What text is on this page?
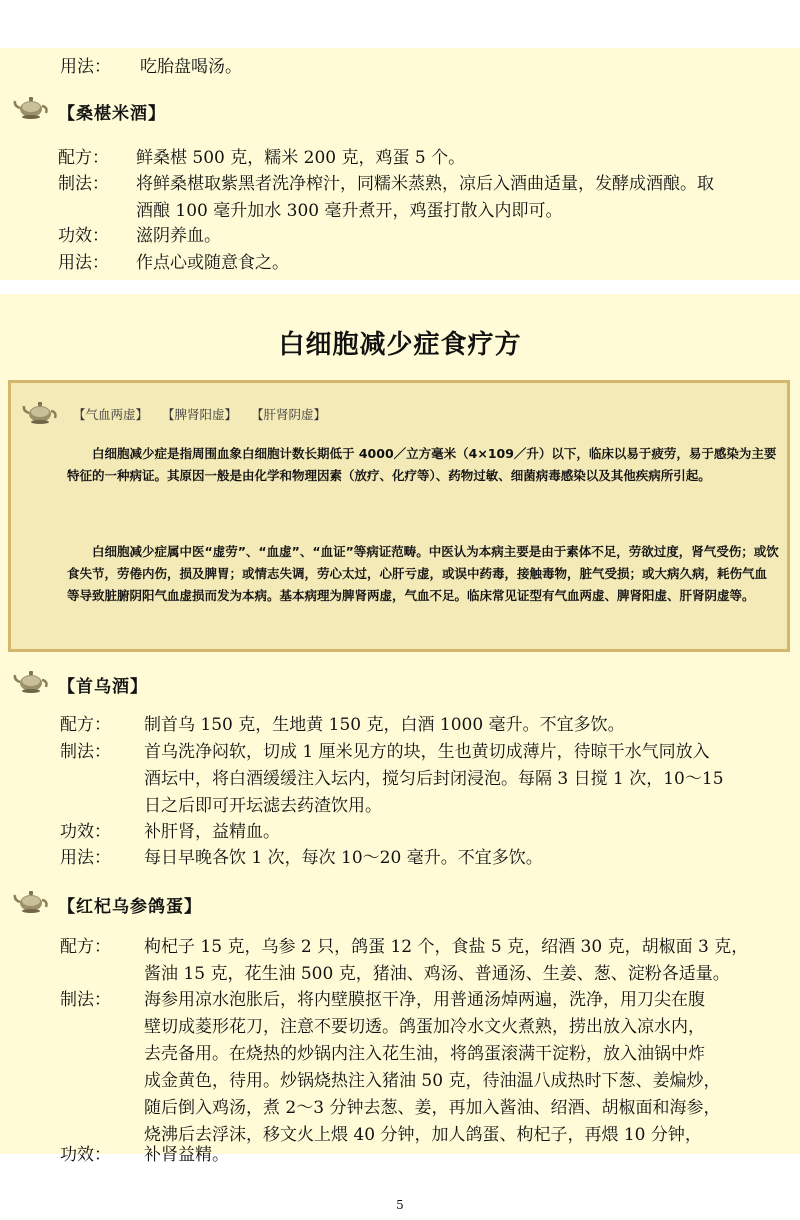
用法：	吃胎盘喝汤。
【桑椹米酒】
配方：	鲜桑椹 500 克，糯米 200 克，鸡蛋 5 个。
制法：	将鲜桑椹取紫黑者洗净榨汁，同糯米蒸熟，凉后入酒曲适量，发酵成酒酿。取
酒酿 100 毫升加水 300 毫升煮开，鸡蛋打散入内即可。
功效：	滋阴养血。
用法：	作点心或随意食之。
白细胞减少症食疗方
【气血两虚】 【脾肾阳虚】 【肝肾阴虚】
白细胞减少症是指周围血象白细胞计数长期低于 4000／立方毫米（4×109／升）以下，临床以易于疲劳，易于感染为主要特征的一种病证。其原因一般是由化学和物理因素（放疗、化疗等）、药物过敏、细菌病毒感染以及其他疾病所引起。
白细胞减少症属中医“虚劳”、“血虚”、“血证”等病证范畴。中医认为本病主要是由于素体不足，劳欲过度，肾气受伤；或饮食失节，劳倦内伤，损及脾胃；或情志失调，劳心太过，心肝亏虚，或误中药毒，接触毒物，脏气受损；或大病久病，耗伤气血等导致脏腑阴阳气血虚损而发为本病。基本病理为脾肾两虚，气血不足。临床常见证型有气血两虚、脾肾阳虚、肝肾阴虚等。
【首乌酒】
配方：	制首乌 150 克，生地黄 150 克，白酒 1000 毫升。不宜多饮。
制法：	首乌洗净闷软，切成 1 厘米见方的块，生也黄切成薄片，待晾干水气同放入
酒坛中，将白酒缓缓注入坛内，搅匀后封闭浸泡。每隔 3 日搅 1 次，10～15
日之后即可开坛滤去药渣饮用。
功效：	补肝肾，益精血。
用法：	每日早晚各饮 1 次，每次 10～20 毫升。不宜多饮。
【红杞乌参鸽蛋】
配方：	枸杞子 15 克，乌参 2 只，鸽蛋 12 个，食盐 5 克，绍酒 30 克，胡椒面 3 克，
酱油 15 克，花生油 500 克，猪油、鸡汤、普通汤、生姜、葱、淀粉各适量。
制法：	海参用凉水泡胀后，将内壁膜抠干净，用普通汤焯两遍，洗净，用刀尖在腹
壁切成菱形花刀，注意不要切透。鸽蛋加冷水文火煮熟，捞出放入凉水内，
去壳备用。在烧热的炒锅内注入花生油，将鸽蛋滚满干淀粉，放入油锅中炸
成金黄色，待用。炒锅烧热注入猪油 50 克，待油温八成热时下葱、姜煸炒，
随后倒入鸡汤，煮 2～3 分钟去葱、姜，再加入酱油、绍酒、胡椒面和海参，
烧沸后去浮沫，移文火上煨 40 分钟，加人鸽蛋、枸杞子，再煨 10 分钟，
功效：	补肾益精。
5
